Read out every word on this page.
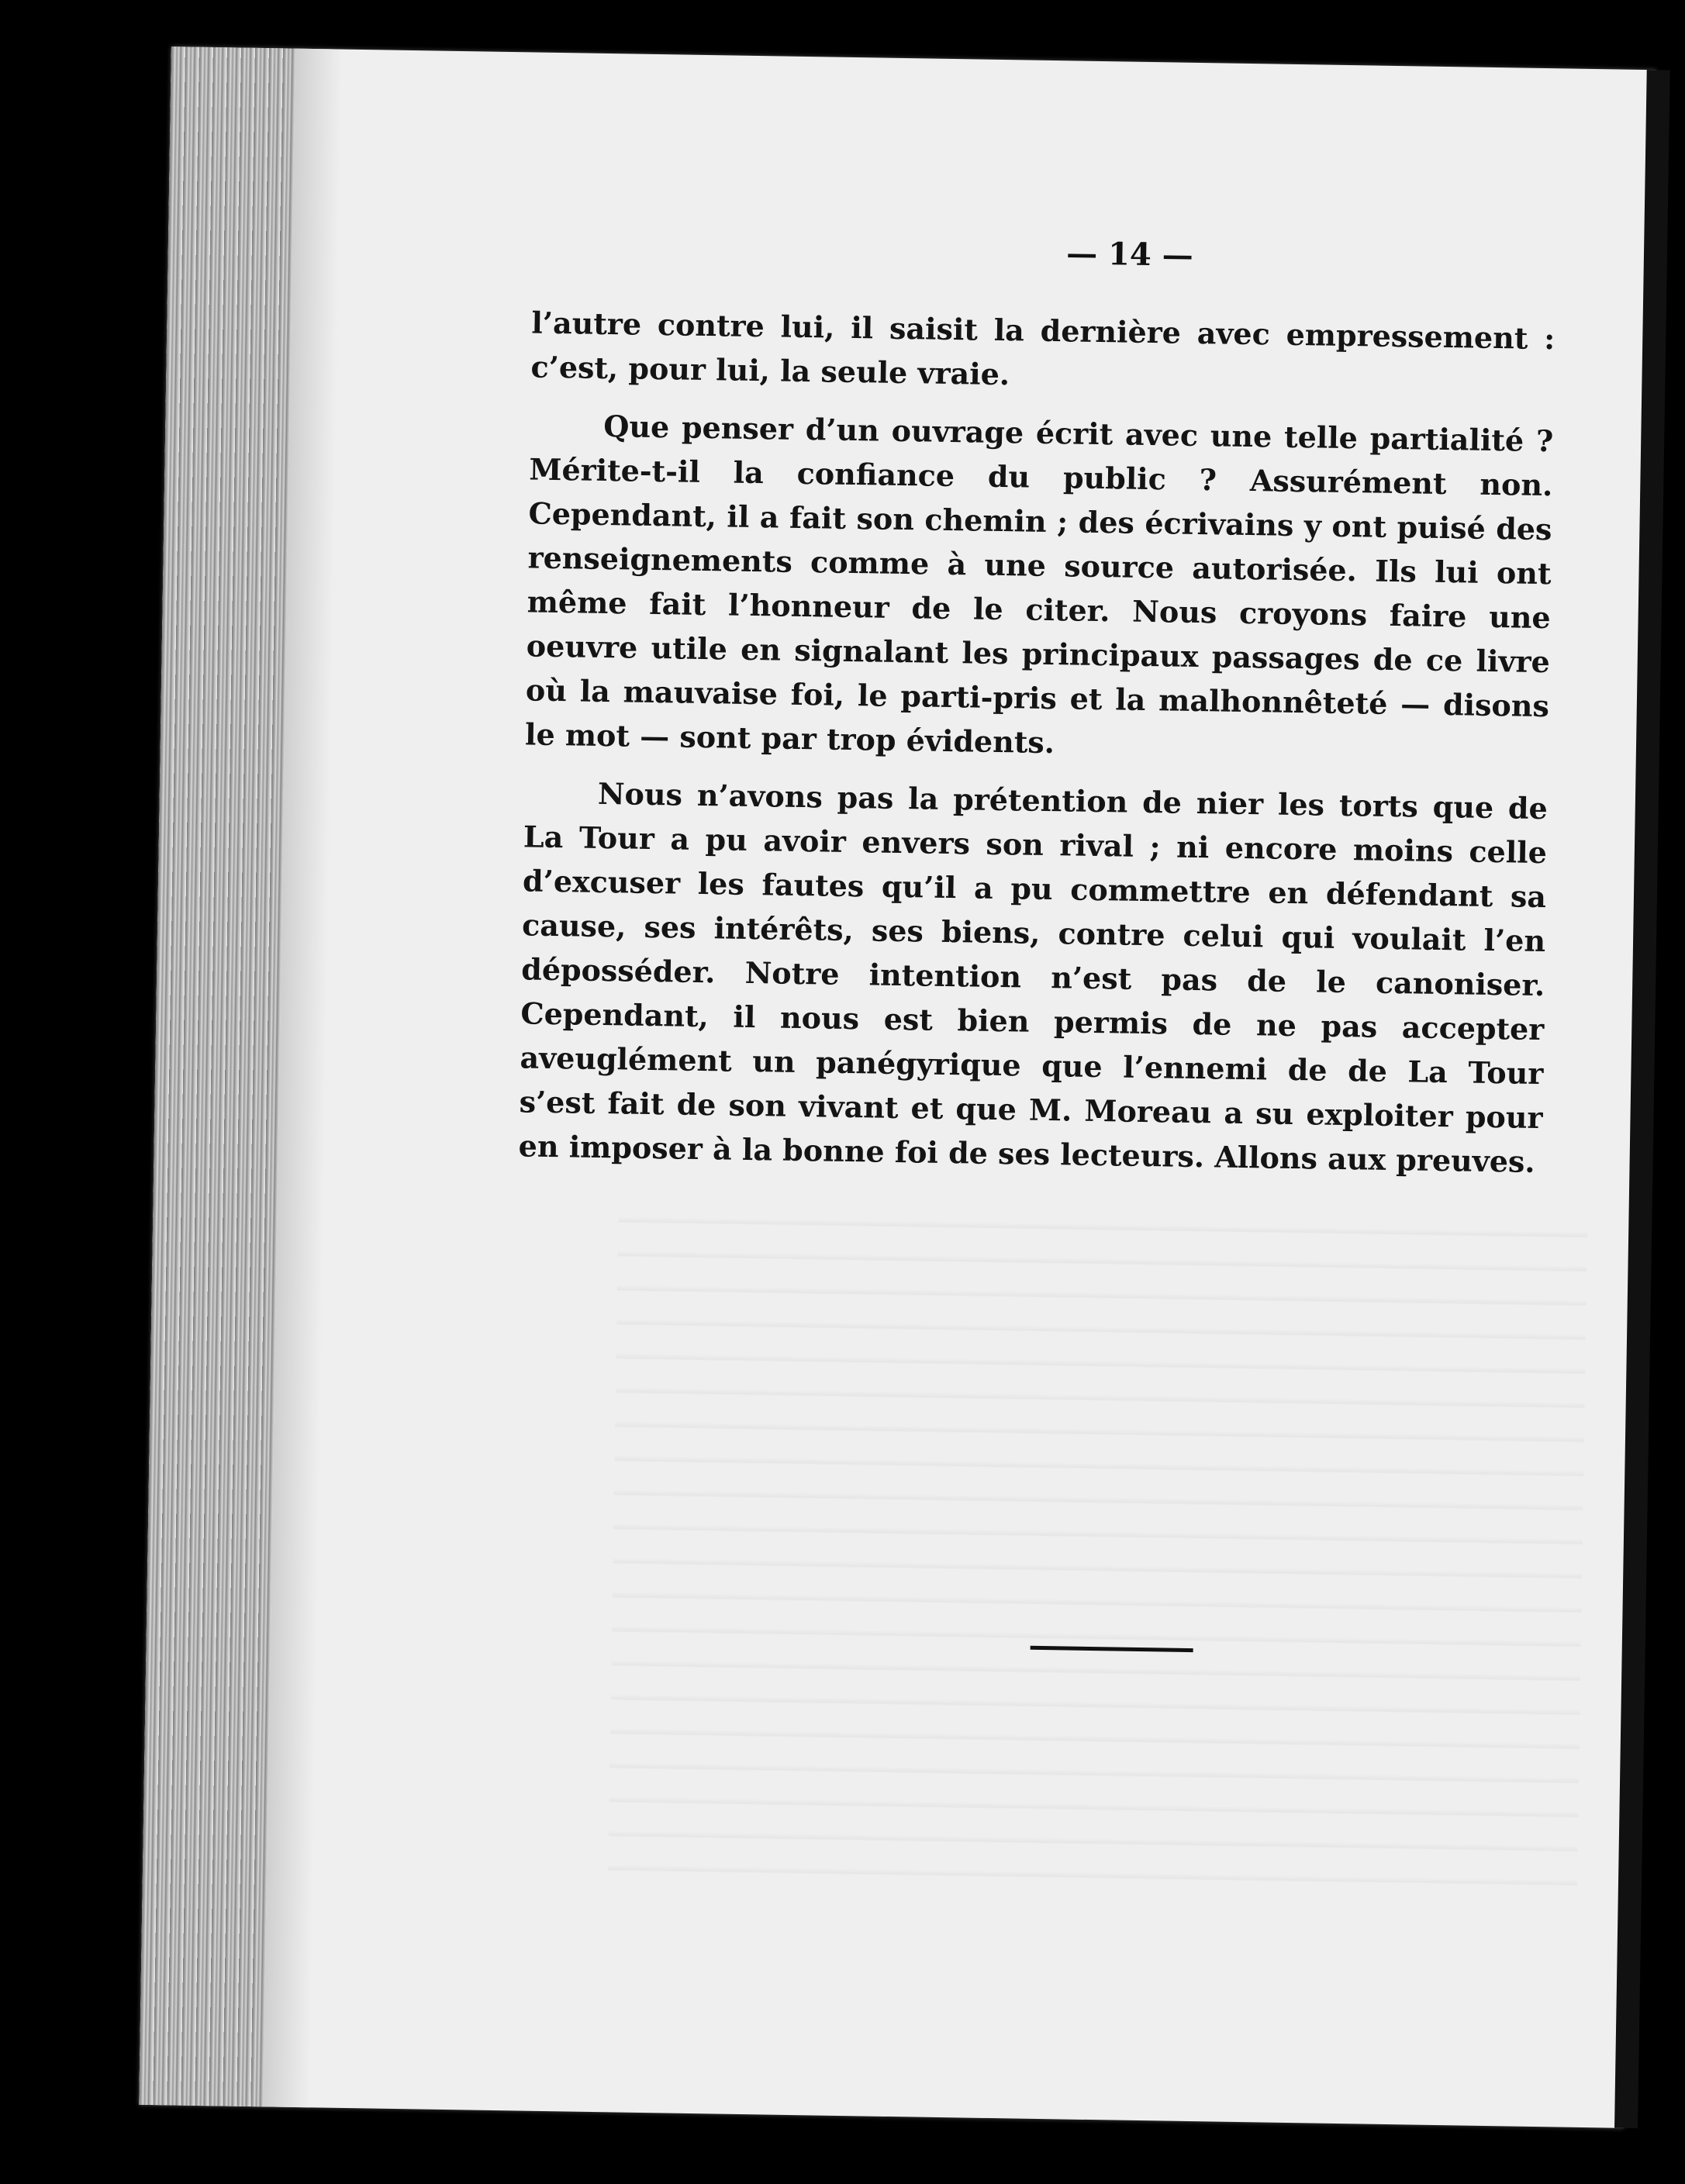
— 14 —

l’autre contre lui, il saisit la dernière avec empressement : c’est, pour lui, la seule vraie.

Que penser d’un ouvrage écrit avec une telle partialité ? Mérite-t-il la confiance du public ? Assurément non. Cependant, il a fait son chemin ; des écrivains y ont puisé des renseignements comme à une source autorisée. Ils lui ont même fait l’honneur de le citer. Nous croyons faire une oeuvre utile en signalant les principaux passages de ce livre où la mauvaise foi, le parti-pris et la malhonnêteté — disons le mot — sont par trop évidents.

Nous n’avons pas la prétention de nier les torts que de La Tour a pu avoir envers son rival ; ni encore moins celle d’excuser les fautes qu’il a pu commettre en défendant sa cause, ses intérêts, ses biens, contre celui qui voulait l’en déposséder. Notre intention n’est pas de le canoniser. Cependant, il nous est bien permis de ne pas accepter aveuglément un panégyrique que l’ennemi de de La Tour s’est fait de son vivant et que M. Moreau a su exploiter pour en imposer à la bonne foi de ses lecteurs. Allons aux preuves.
